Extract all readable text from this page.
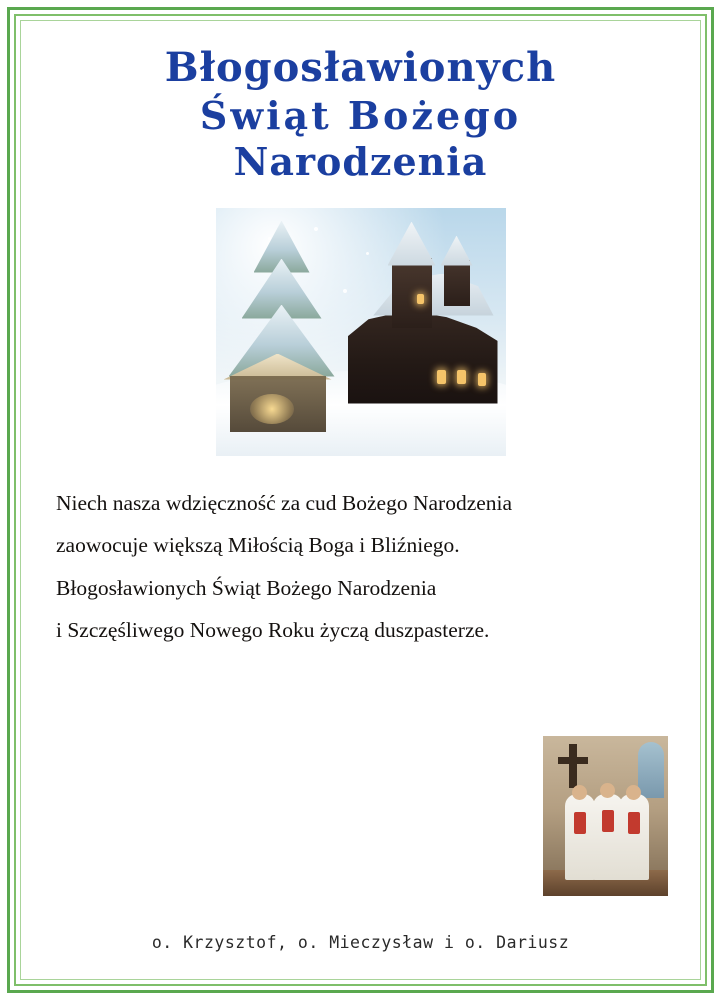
Błogosławionych
Świąt Bożego
Narodzenia

Niech nasza wdzięczność za cud Bożego Narodzenia

zaowocuje większą Miłością Boga i Bliźniego.

Błogosławionych Świąt Bożego Narodzenia

i Szczęśliwego Nowego Roku życzą duszpasterze.

o. Krzysztof, o. Mieczysław i o. Dariusz
